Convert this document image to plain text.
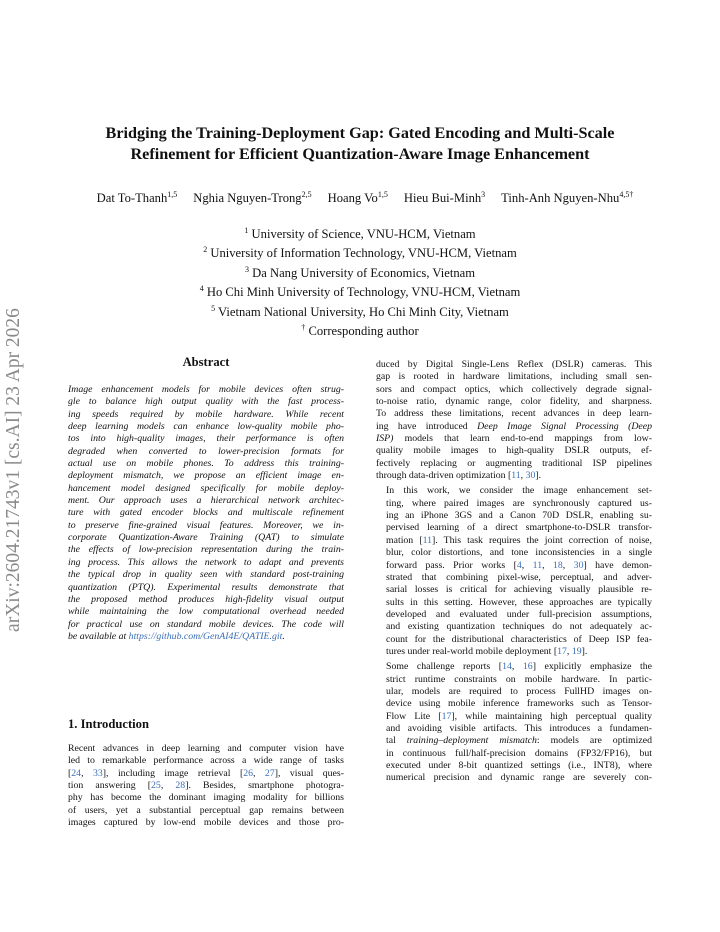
arXiv:2604.21743v1 [cs.AI] 23 Apr 2026
Bridging the Training-Deployment Gap: Gated Encoding and Multi-Scale
Refinement for Efficient Quantization-Aware Image Enhancement
Dat To-Thanh$^{1,5}$ Nghia Nguyen-Trong$^{2,5}$ Hoang Vo$^{1,5}$ Hieu Bui-Minh$^3$ Tinh-Anh Nguyen-Nhu$^{4,5\dagger}$
$^1$ University of Science, VNU-HCM, Vietnam
$^2$ University of Information Technology, VNU-HCM, Vietnam
$^3$ Da Nang University of Economics, Vietnam
$^4$ Ho Chi Minh University of Technology, VNU-HCM, Vietnam
$^5$ Vietnam National University, Ho Chi Minh City, Vietnam
† Corresponding author
Abstract
Image enhancement models for mobile devices often strug-
gle to balance high output quality with the fast process-
ing speeds required by mobile hardware. While recent
deep learning models can enhance low-quality mobile pho-
tos into high-quality images, their performance is often
degraded when converted to lower-precision formats for
actual use on mobile phones. To address this training-
deployment mismatch, we propose an efficient image en-
hancement model designed specifically for mobile deploy-
ment. Our approach uses a hierarchical network architec-
ture with gated encoder blocks and multiscale refinement
to preserve fine-grained visual features. Moreover, we in-
corporate Quantization-Aware Training (QAT) to simulate
the effects of low-precision representation during the train-
ing process. This allows the network to adapt and prevents
the typical drop in quality seen with standard post-training
quantization (PTQ). Experimental results demonstrate that
the proposed method produces high-fidelity visual output
while maintaining the low computational overhead needed
for practical use on standard mobile devices. The code will
be available at https://github.com/GenAI4E/QATIE.git.
1. Introduction
Recent advances in deep learning and computer vision have
led to remarkable performance across a wide range of tasks
[24, 33], including image retrieval [26, 27], visual ques-
tion answering [25, 28]. Besides, smartphone photogra-
phy has become the dominant imaging modality for billions
of users, yet a substantial perceptual gap remains between
images captured by low-end mobile devices and those pro-

duced by Digital Single-Lens Reflex (DSLR) cameras. This
gap is rooted in hardware limitations, including small sen-
sors and compact optics, which collectively degrade signal-
to-noise ratio, dynamic range, color fidelity, and sharpness.
To address these limitations, recent advances in deep learn-
ing have introduced Deep Image Signal Processing (Deep
ISP) models that learn end-to-end mappings from low-
quality mobile images to high-quality DSLR outputs, ef-
fectively replacing or augmenting traditional ISP pipelines
through data-driven optimization [11, 30].

In this work, we consider the image enhancement set-
ting, where paired images are synchronously captured us-
ing an iPhone 3GS and a Canon 70D DSLR, enabling su-
pervised learning of a direct smartphone-to-DSLR transfor-
mation [11]. This task requires the joint correction of noise,
blur, color distortions, and tone inconsistencies in a single
forward pass. Prior works [4, 11, 18, 30] have demon-
strated that combining pixel-wise, perceptual, and adver-
sarial losses is critical for achieving visually plausible re-
sults in this setting. However, these approaches are typically
developed and evaluated under full-precision assumptions,
and existing quantization techniques do not adequately ac-
count for the distributional characteristics of Deep ISP fea-
tures under real-world mobile deployment [17, 19].

Some challenge reports [14, 16] explicitly emphasize the
strict runtime constraints on mobile hardware. In partic-
ular, models are required to process FullHD images on-
device using mobile inference frameworks such as Tensor-
Flow Lite [17], while maintaining high perceptual quality
and avoiding visible artifacts. This introduces a fundamen-
tal training–deployment mismatch: models are optimized
in continuous full/half-precision domains (FP32/FP16), but
executed under 8-bit quantized settings (i.e., INT8), where
numerical precision and dynamic range are severely con-
